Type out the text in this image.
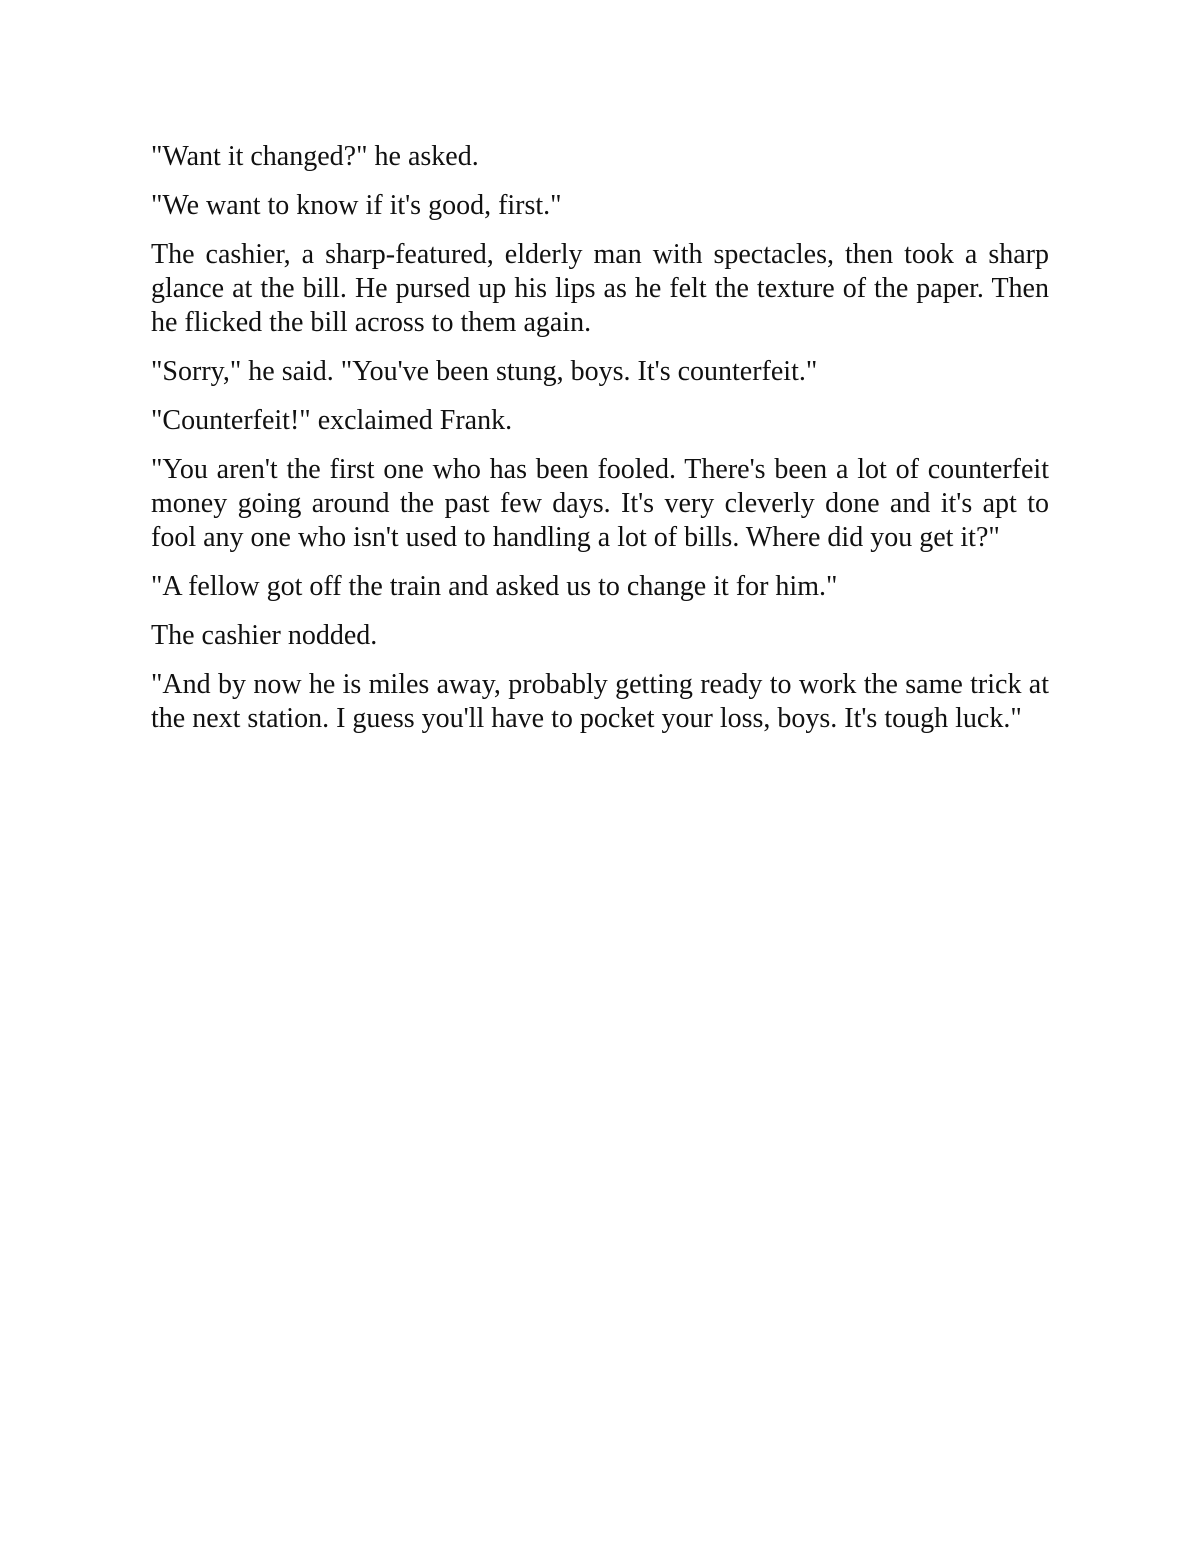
"Want it changed?" he asked.

"We want to know if it's good, first."

The cashier, a sharp-featured, elderly man with spectacles, then took a sharp glance at the bill. He pursed up his lips as he felt the texture of the paper. Then he flicked the bill across to them again.

"Sorry," he said. "You've been stung, boys. It's counterfeit."

"Counterfeit!" exclaimed Frank.

"You aren't the first one who has been fooled. There's been a lot of counterfeit money going around the past few days. It's very cleverly done and it's apt to fool any one who isn't used to handling a lot of bills. Where did you get it?"

"A fellow got off the train and asked us to change it for him."

The cashier nodded.

"And by now he is miles away, probably getting ready to work the same trick at the next station. I guess you'll have to pocket your loss, boys. It's tough luck."
